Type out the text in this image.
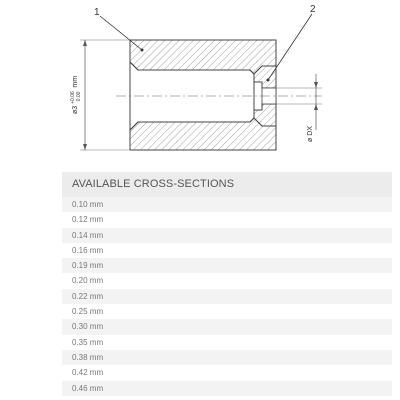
1	2
ø3 $^{+0.06}$ 0.00 mm
ø DX
AVAILABLE CROSS-SECTIONS
0.10 mm
0.12 mm
0.14 mm
0.16 mm
0.19 mm
0.20 mm
0.22 mm
0.25 mm
0.30 mm
0.35 mm
0.38 mm
0.42 mm
0.46 mm
